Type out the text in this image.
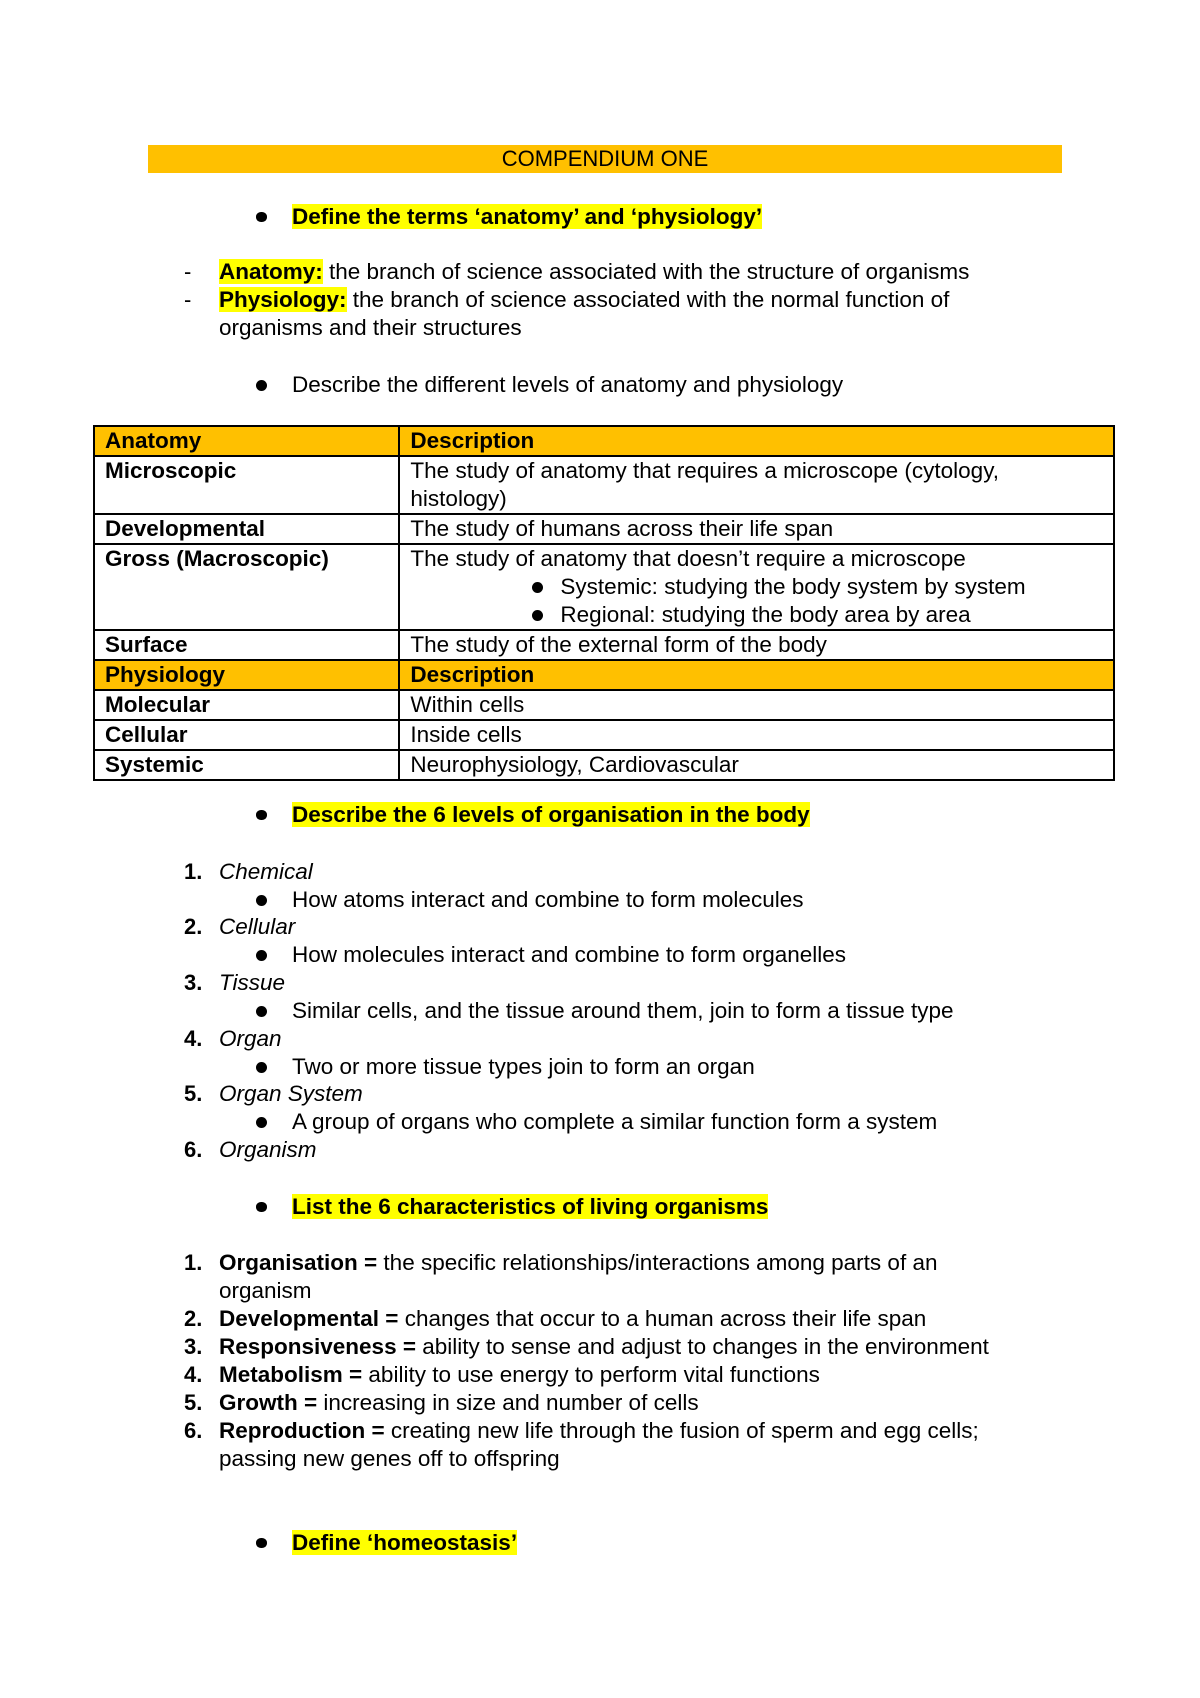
COMPENDIUM ONE
Define the terms ‘anatomy’ and ‘physiology’
- Anatomy: the branch of science associated with the structure of organisms
- Physiology: the branch of science associated with the normal function of
organisms and their structures
Describe the different levels of anatomy and physiology
Anatomy	Description
Microscopic	The study of anatomy that requires a microscope (cytology,
histology)
Developmental	The study of humans across their life span
Gross (Macroscopic)	The study of anatomy that doesn’t require a microscope
Systemic: studying the body system by system
Regional: studying the body area by area
Surface	The study of the external form of the body
Physiology	Description
Molecular	Within cells
Cellular	Inside cells
Systemic	Neurophysiology, Cardiovascular
Describe the 6 levels of organisation in the body
1. Chemical
How atoms interact and combine to form molecules
2. Cellular
How molecules interact and combine to form organelles
3. Tissue
Similar cells, and the tissue around them, join to form a tissue type
4. Organ
Two or more tissue types join to form an organ
5. Organ System
A group of organs who complete a similar function form a system
6. Organism
List the 6 characteristics of living organisms
1. Organisation = the specific relationships/interactions among parts of an
organism
2. Developmental = changes that occur to a human across their life span
3. Responsiveness = ability to sense and adjust to changes in the environment
4. Metabolism = ability to use energy to perform vital functions
5. Growth = increasing in size and number of cells
6. Reproduction = creating new life through the fusion of sperm and egg cells;
passing new genes off to offspring
Define ‘homeostasis’
